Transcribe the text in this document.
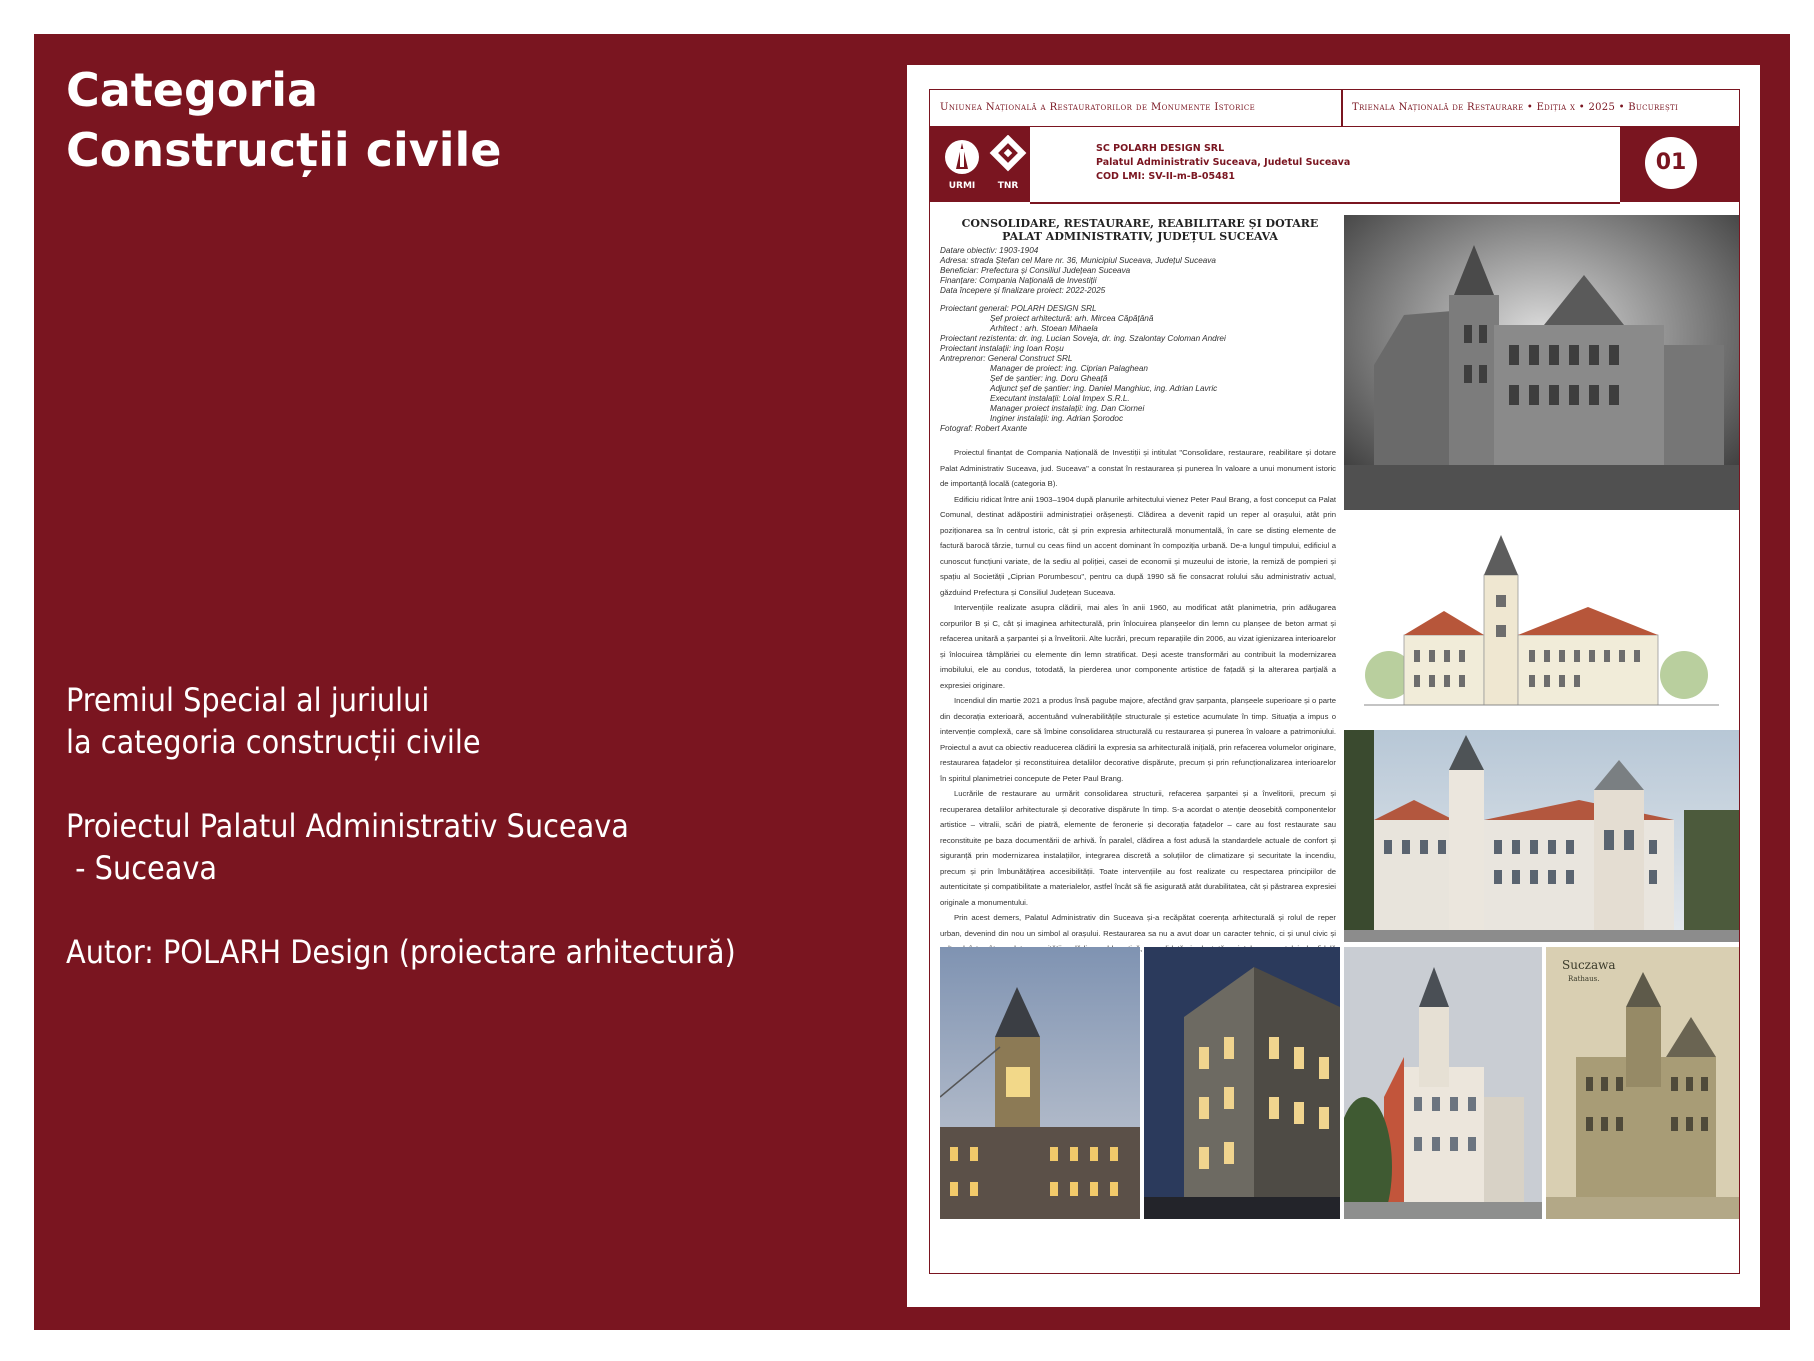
Categoria
Construcții civile

Premiul Special al juriului
la categoria construcții civile

Proiectul Palatul Administrativ Suceava
- Suceava

Autor: POLARH Design (proiectare arhitectură)

Uniunea Națională a Restauratorilor de Monumente Istorice	Trienala Națională de Restaurare • Ediția x • 2025 • București
URMI TNR
SC POLARH DESIGN SRL
Palatul Administrativ Suceava, Judetul Suceava
COD LMI: SV-II-m-B-05481
01
CONSOLIDARE, RESTAURARE, REABILITARE ȘI DOTARE
PALAT ADMINISTRATIV, JUDEȚUL SUCEAVA
Datare obiectiv: 1903-1904
Adresa: strada Ștefan cel Mare nr. 36, Municipiul Suceava, Județul Suceava
Beneficiar: Prefectura și Consiliul Județean Suceava
Finanțare: Compania Națională de Investiții
Data începere și finalizare proiect: 2022-2025
Proiectant general: POLARH DESIGN SRL
Șef proiect arhitectură: arh. Mircea Căpățână
Arhitect : arh. Stoean Mihaela
Proiectant rezistenta: dr. ing. Lucian Soveja, dr. ing. Szalontay Coloman Andrei
Proiectant instalații: ing Ioan Roșu
Antreprenor: General Construct SRL
Manager de proiect: ing. Ciprian Palaghean
Șef de șantier: ing. Doru Gheață
Adjunct șef de șantier: ing. Daniel Manghiuc, ing. Adrian Lavric
Executant instalații: Loial Impex S.R.L.
Manager proiect instalații: ing. Dan Ciornei
Inginer instalații: ing. Adrian Șorodoc
Fotograf: Robert Axante

Proiectul finanțat de Compania Națională de Investiții și intitulat "Consolidare, restaurare, reabilitare și dotare Palat Administrativ Suceava, jud. Suceava" a constat în restaurarea și punerea în valoare a unui monument istoric de importanță locală (categoria B).

Edificiu ridicat între anii 1903–1904 după planurile arhitectului vienez Peter Paul Brang, a fost conceput ca Palat Comunal, destinat adăpostirii administrației orășenești. Clădirea a devenit rapid un reper al orașului, atât prin poziționarea sa în centrul istoric, cât și prin expresia arhitecturală monumentală, în care se disting elemente de factură barocă târzie, turnul cu ceas fiind un accent dominant în compoziția urbană. De-a lungul timpului, edificiul a cunoscut funcțiuni variate, de la sediu al poliției, casei de economii și muzeului de istorie, la remiză de pompieri și spațiu al Societății „Ciprian Porumbescu", pentru ca după 1990 să fie consacrat rolului său administrativ actual, găzduind Prefectura și Consiliul Județean Suceava.

Intervențiile realizate asupra clădirii, mai ales în anii 1960, au modificat atât planimetria, prin adăugarea corpurilor B și C, cât și imaginea arhitecturală, prin înlocuirea planșeelor din lemn cu planșee de beton armat și refacerea unitară a șarpantei și a învelitorii. Alte lucrări, precum reparațiile din 2006, au vizat igienizarea interioarelor și înlocuirea tâmplăriei cu elemente din lemn stratificat. Deși aceste transformări au contribuit la modernizarea imobilului, ele au condus, totodată, la pierderea unor componente artistice de fațadă și la alterarea parțială a expresiei originare.

Incendiul din martie 2021 a produs însă pagube majore, afectând grav șarpanta, planșeele superioare și o parte din decorația exterioară, accentuând vulnerabilitățile structurale și estetice acumulate în timp. Situația a impus o intervenție complexă, care să îmbine consolidarea structurală cu restaurarea și punerea în valoare a patrimoniului. Proiectul a avut ca obiectiv readucerea clădirii la expresia sa arhitecturală inițială, prin refacerea volumelor originare, restaurarea fațadelor și reconstituirea detaliilor decorative dispărute, precum și prin refuncționalizarea interioarelor în spiritul planimetriei concepute de Peter Paul Brang.

Lucrările de restaurare au urmărit consolidarea structurii, refacerea șarpantei și a învelitorii, precum și recuperarea detaliilor arhitecturale și decorative dispărute în timp. S-a acordat o atenție deosebită componentelor artistice – vitralii, scări de piatră, elemente de feronerie și decorația fațadelor – care au fost restaurate sau reconstituite pe baza documentării de arhivă. În paralel, clădirea a fost adusă la standardele actuale de confort și siguranță prin modernizarea instalațiilor, integrarea discretă a soluțiilor de climatizare și securitate la incendiu, precum și prin îmbunătățirea accesibilității. Toate intervențiile au fost realizate cu respectarea principiilor de autenticitate și compatibilitate a materialelor, astfel încât să fie asigurată atât durabilitatea, cât și păstrarea expresiei originale a monumentului.

Prin acest demers, Palatul Administrativ din Suceava și-a recăpătat coerența arhitecturală și rolul de reper urban, devenind din nou un simbol al orașului. Restaurarea sa nu a avut doar un caracter tehnic, ci și unul civic și

Suczawa
Rathaus.
